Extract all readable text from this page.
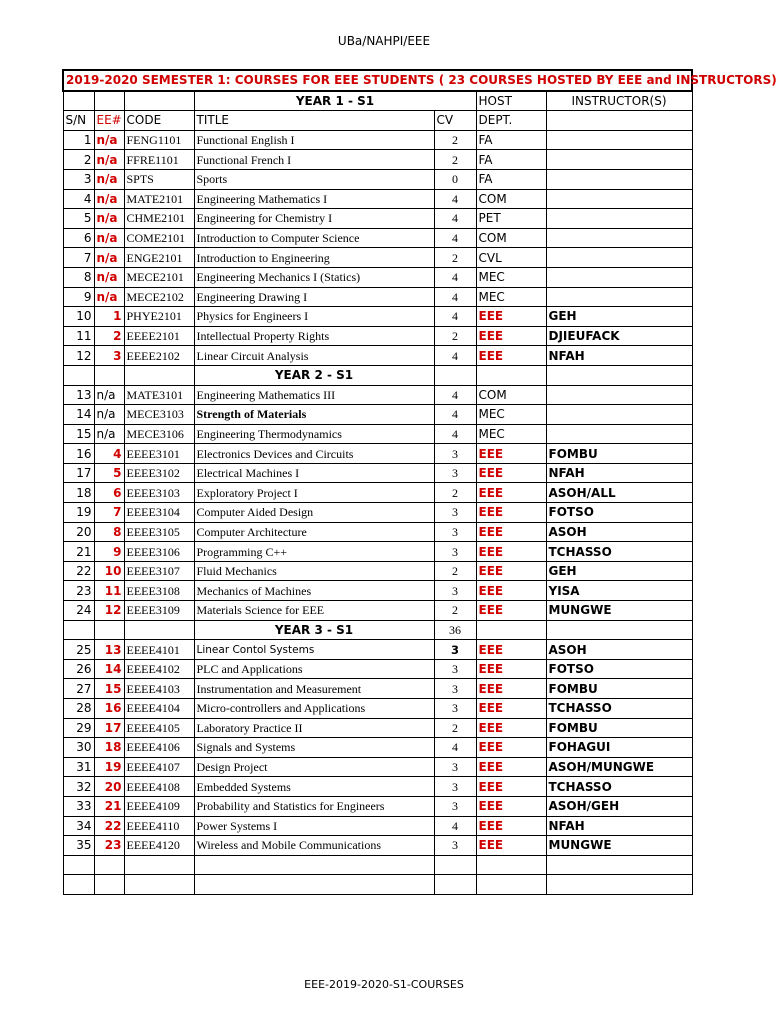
UBa/NAHPI/EEE
2019-2020 SEMESTER 1: COURSES FOR EEE STUDENTS ( 23 COURSES HOSTED BY EEE and INSTRUCTORS)						
			YEAR 1 - S1		HOST	INSTRUCTOR(S)
S/N	EE#	CODE	TITLE	CV	DEPT.	
1	n/a	FENG1101	Functional English I	2	FA	
2	n/a	FFRE1101	Functional French I	2	FA	
3	n/a	SPTS	Sports	0	FA	
4	n/a	MATE2101	Engineering Mathematics I	4	COM	
5	n/a	CHME2101	Engineering for Chemistry I	4	PET	
6	n/a	COME2101	Introduction to Computer Science	4	COM	
7	n/a	ENGE2101	Introduction to Engineering	2	CVL	
8	n/a	MECE2101	Engineering Mechanics I (Statics)	4	MEC	
9	n/a	MECE2102	Engineering Drawing I	4	MEC	
10	1	PHYE2101	Physics for Engineers I	4	EEE	GEH
11	2	EEEE2101	Intellectual Property Rights	2	EEE	DJIEUFACK
12	3	EEEE2102	Linear Circuit Analysis	4	EEE	NFAH
			YEAR 2 - S1			
13	n/a	MATE3101	Engineering Mathematics III	4	COM	
14	n/a	MECE3103	Strength of Materials	4	MEC	
15	n/a	MECE3106	Engineering Thermodynamics	4	MEC	
16	4	EEEE3101	Electronics Devices and Circuits	3	EEE	FOMBU
17	5	EEEE3102	Electrical Machines I	3	EEE	NFAH
18	6	EEEE3103	Exploratory Project I	2	EEE	ASOH/ALL
19	7	EEEE3104	Computer Aided Design	3	EEE	FOTSO
20	8	EEEE3105	Computer Architecture	3	EEE	ASOH
21	9	EEEE3106	Programming C++	3	EEE	TCHASSO
22	10	EEEE3107	Fluid Mechanics	2	EEE	GEH
23	11	EEEE3108	Mechanics of Machines	3	EEE	YISA
24	12	EEEE3109	Materials Science for EEE	2	EEE	MUNGWE
			YEAR 3 - S1	36		
25	13	EEEE4101	Linear Contol Systems	3	EEE	ASOH
26	14	EEEE4102	PLC and Applications	3	EEE	FOTSO
27	15	EEEE4103	Instrumentation and Measurement	3	EEE	FOMBU
28	16	EEEE4104	Micro-controllers and Applications	3	EEE	TCHASSO
29	17	EEEE4105	Laboratory Practice II	2	EEE	FOMBU
30	18	EEEE4106	Signals and Systems	4	EEE	FOHAGUI
31	19	EEEE4107	Design Project	3	EEE	ASOH/MUNGWE
32	20	EEEE4108	Embedded Systems	3	EEE	TCHASSO
33	21	EEEE4109	Probability and Statistics for Engineers	3	EEE	ASOH/GEH
34	22	EEEE4110	Power Systems I	4	EEE	NFAH
35	23	EEEE4120	Wireless and Mobile Communications	3	EEE	MUNGWE

EEE-2019-2020-S1-COURSES
